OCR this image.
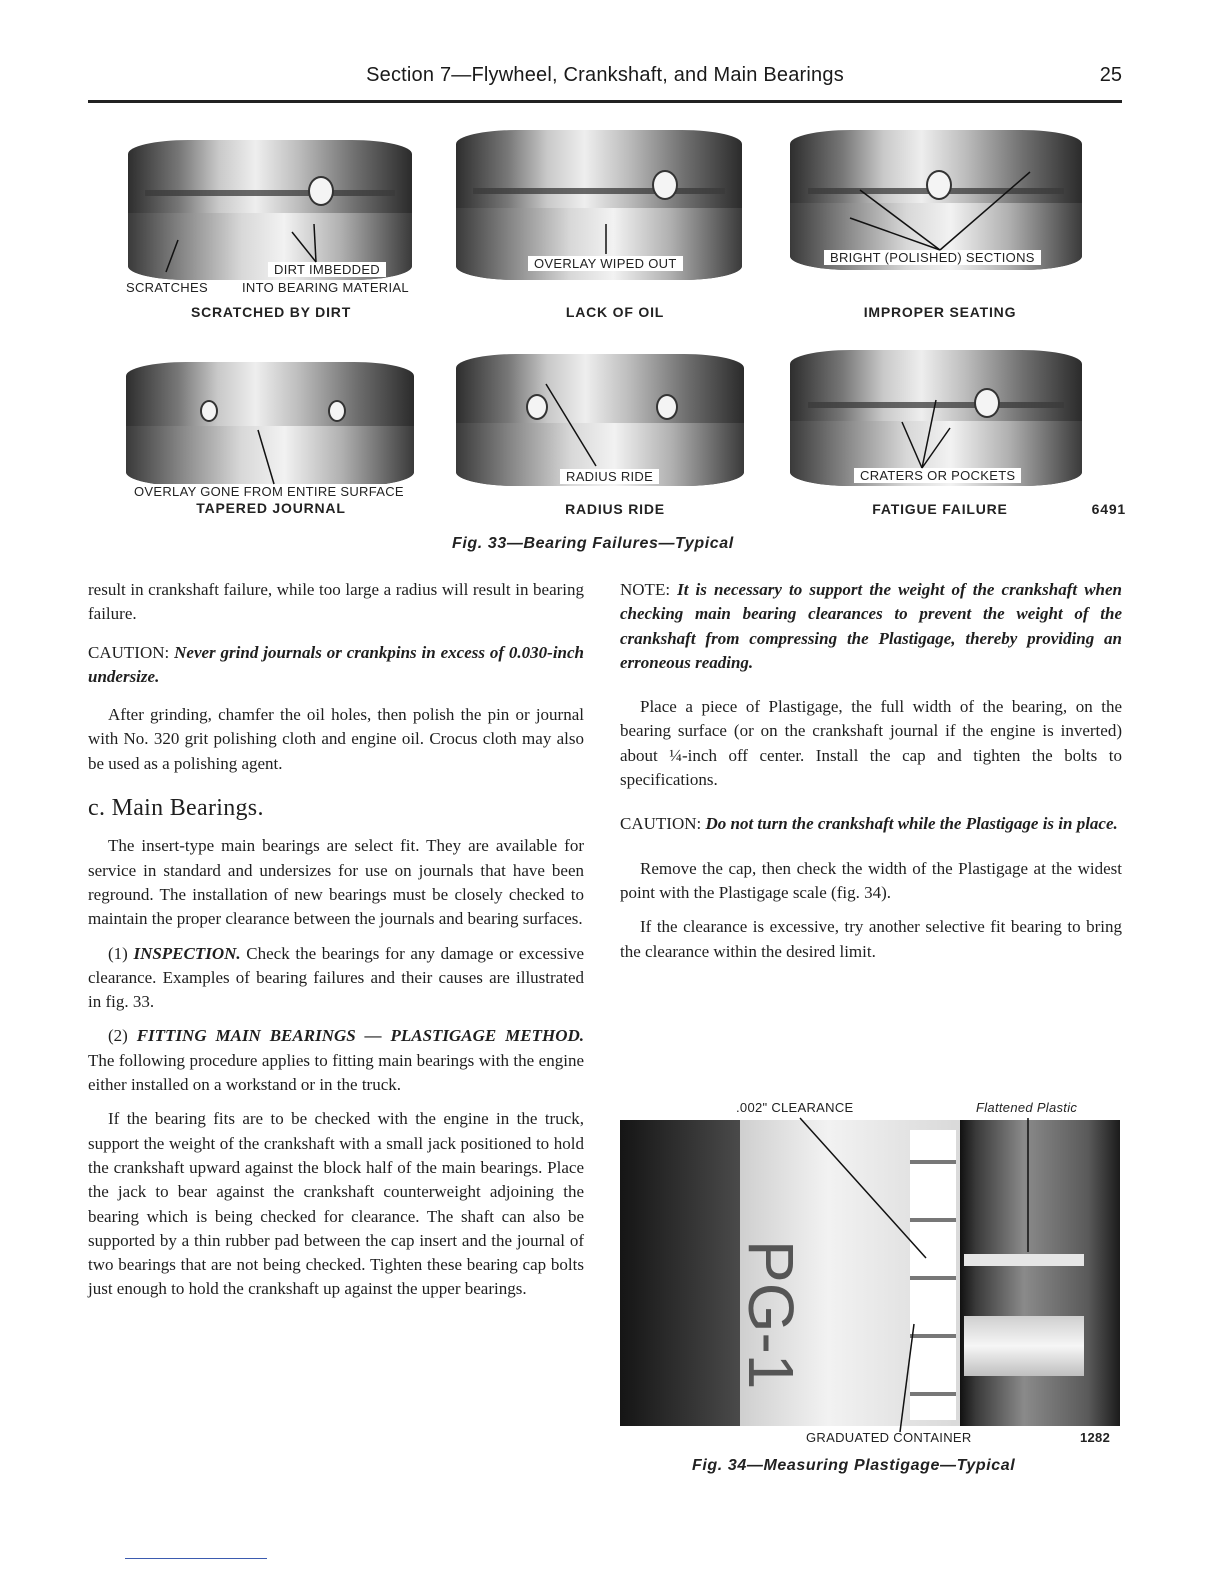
Section 7—Flywheel, Crankshaft, and Main Bearings	25
DIRT IMBEDDED
SCRATCHES	INTO BEARING MATERIAL
OVERLAY WIPED OUT	BRIGHT (POLISHED) SECTIONS
OVERLAY GONE FROM ENTIRE SURFACE
RADIUS RIDE	CRATERS OR POCKETS
SCRATCHED BY DIRT	LACK OF OIL	IMPROPER SEATING
TAPERED JOURNAL	RADIUS RIDE	FATIGUE FAILURE	6491
Fig. 33—Bearing Failures—Typical

result in crankshaft failure, while too large a radius will result in bearing failure.

CAUTION: Never grind journals or crankpins in excess of 0.030-inch undersize.

After grinding, chamfer the oil holes, then polish the pin or journal with No. 320 grit polishing cloth and engine oil. Crocus cloth may also be used as a polishing agent.

c. Main Bearings.

The insert-type main bearings are select fit. They are available for service in standard and undersizes for use on journals that have been reground. The installation of new bearings must be closely checked to maintain the proper clearance between the journals and bearing surfaces.

(1) INSPECTION. Check the bearings for any damage or excessive clearance. Examples of bearing failures and their causes are illustrated in fig. 33.

(2) FITTING MAIN BEARINGS — PLASTIGAGE METHOD. The following procedure applies to fitting main bearings with the engine either installed on a workstand or in the truck.

If the bearing fits are to be checked with the engine in the truck, support the weight of the crankshaft with a small jack positioned to hold the crankshaft upward against the block half of the main bearings. Place the jack to bear against the crankshaft counterweight adjoining the bearing which is being checked for clearance. The shaft can also be supported by a thin rubber pad between the cap insert and the journal of two bearings that are not being checked. Tighten these bearing cap bolts just enough to hold the crankshaft up against the upper bearings.

NOTE: It is necessary to support the weight of the crankshaft when checking main bearing clearances to prevent the weight of the crankshaft from compressing the Plastigage, thereby providing an erroneous reading.

Place a piece of Plastigage, the full width of the bearing, on the bearing surface (or on the crankshaft journal if the engine is inverted) about ¼-inch off center. Install the cap and tighten the bolts to specifications.

CAUTION: Do not turn the crankshaft while the Plastigage is in place.

Remove the cap, then check the width of the Plastigage at the widest point with the Plastigage scale (fig. 34).

If the clearance is excessive, try another selective fit bearing to bring the clearance within the desired limit.

.002" CLEARANCE	Flattened Plastic
PG-1
GRADUATED CONTAINER	1282
Fig. 34—Measuring Plastigage—Typical
